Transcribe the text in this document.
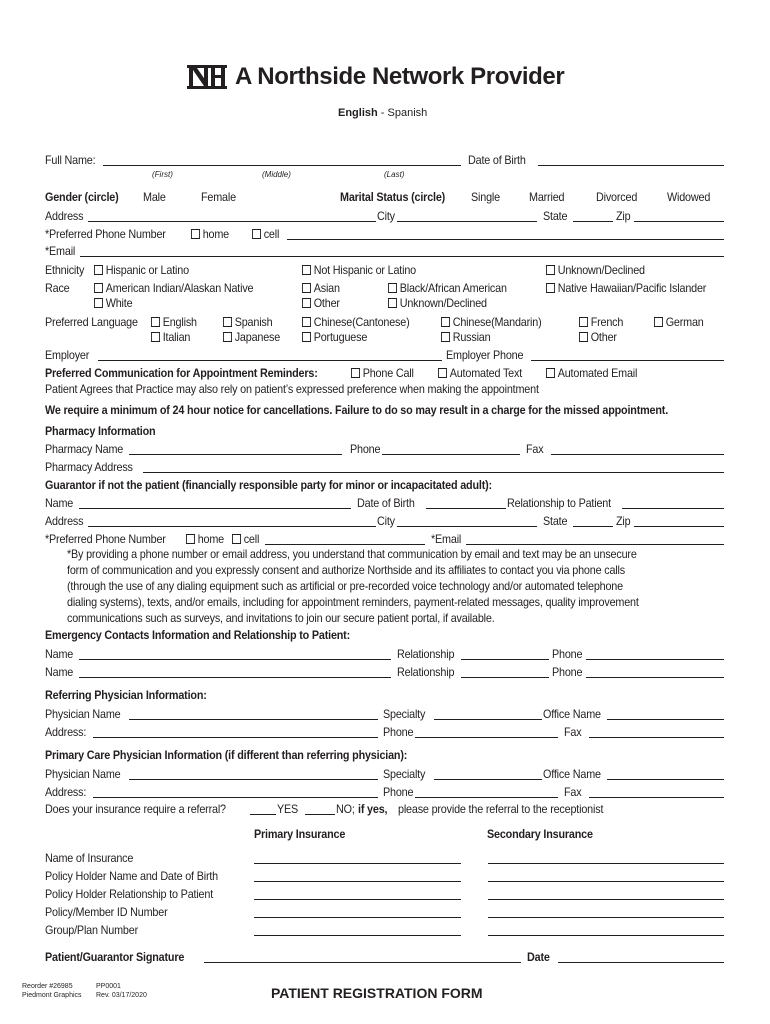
A Northside Network Provider
English - Spanish
Full Name:	Date of Birth
(First)	(Middle)	(Last)
Gender (circle) Male	Female	Marital Status (circle) Single Married	Divorced Widowed
Address	City	State	Zip
*Preferred Phone Number	home	cell
*Email
Ethnicity	Hispanic or Latino	Not Hispanic or Latino	Unknown/Declined
Race	American Indian/Alaskan Native	Asian	Black/African American	Native Hawaiian/Pacific Islander
White	Other	Unknown/Declined
Preferred Language	English	Spanish	Chinese(Cantonese)	Chinese(Mandarin)	French	German
Italian	Japanese	Portuguese	Russian	Other
Employer	Employer Phone
Preferred Communication for Appointment Reminders:	Phone Call	Automated Text	Automated Email
Patient Agrees that Practice may also rely on patient’s expressed preference when making the appointment
We require a minimum of 24 hour notice for cancellations. Failure to do so may result in a charge for the missed appointment.
Pharmacy Information
Pharmacy Name	Phone	Fax
Pharmacy Address
Guarantor if not the patient (financially responsible party for minor or incapacitated adult):
Name	Date of Birth	Relationship to Patient
Address	City	State	Zip
*Preferred Phone Number	home	cell	*Email
*By providing a phone number or email address, you understand that communication by email and text may be an unsecure
form of communication and you expressly consent and authorize Northside and its affiliates to contact you via phone calls
(through the use of any dialing equipment such as artificial or pre-recorded voice technology and/or automated telephone
dialing systems), texts, and/or emails, including for appointment reminders, payment-related messages, quality improvement
communications such as surveys, and invitations to join our secure patient portal, if available.
Emergency Contacts Information and Relationship to Patient:
Name	Relationship	Phone
Name	Relationship	Phone
Referring Physician Information:
Physician Name	Specialty	Office Name
Address:	Phone	Fax
Primary Care Physician Information (if different than referring physician):
Physician Name	Specialty	Office Name
Address:	Phone	Fax
Does your insurance require a referral?	YES	NO; if yes, please provide the referral to the receptionist
Primary Insurance	Secondary Insurance
Name of Insurance
Policy Holder Name and Date of Birth
Policy Holder Relationship to Patient
Policy/Member ID Number
Group/Plan Number
Patient/Guarantor Signature	Date
Reorder #26985
Piedmont Graphics
PP0001
Rev. 03/17/2020	PATIENT REGISTRATION FORM
